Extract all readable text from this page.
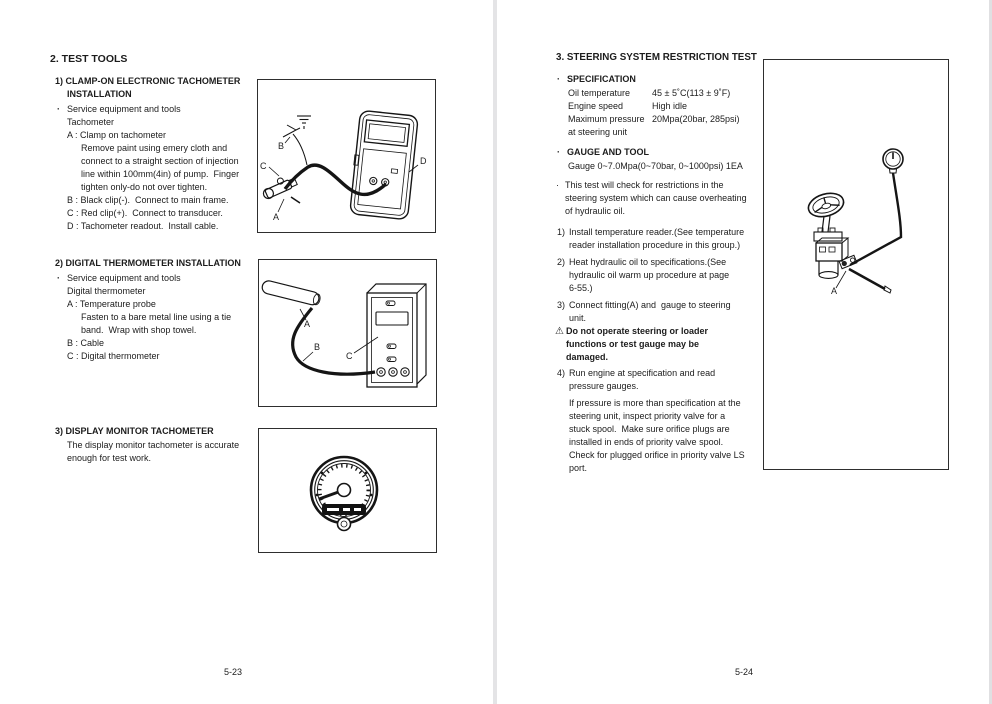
2. TEST TOOLS
1) CLAMP-ON ELECTRONIC TACHOMETER
INSTALLATION
· Service equipment and tools
Tachometer
A : Clamp on tachometer
Remove paint using emery cloth and
connect to a straight section of injection
line within 100mm(4in) of pump.  Finger
tighten only-do not over tighten.
B : Black clip(-).  Connect to main frame.
C : Red clip(+).  Connect to transducer.
D : Tachometer readout.  Install cable.
+
B
C
A
D
2) DIGITAL THERMOMETER INSTALLATION
· Service equipment and tools
Digital thermometer
A : Temperature probe
Fasten to a bare metal line using a tie
band.  Wrap with shop towel.
B : Cable
C : Digital thermometer
A
B
C
3) DISPLAY MONITOR TACHOMETER
The display monitor tachometer is accurate
enough for test work.
5-23
3. STEERING SYSTEM RESTRICTION TEST
· SPECIFICATION
Oil temperature	45 ± 5˚C(113 ± 9˚F)
Engine speed	High idle
Maximum pressure 20Mpa(20bar, 285psi)
at steering unit
· GAUGE AND TOOL
Gauge 0~7.0Mpa(0~70bar, 0~1000psi) 1EA
· This test will check for restrictions in the
steering system which can cause overheating
of hydraulic oil.
1) Install temperature reader.(See temperature
reader installation procedure in this group.)
2) Heat hydraulic oil to specifications.(See
hydraulic oil warm up procedure at page
6-55.)
3) Connect fitting(A) and  gauge to steering
unit.
⚠ Do not operate steering or loader
functions or test gauge may be
damaged.
4) Run engine at specification and read
pressure gauges.
If pressure is more than specification at the
steering unit, inspect priority valve for a
stuck spool.  Make sure orifice plugs are
installed in ends of priority valve spool.
Check for plugged orifice in priority valve LS
port.
A
5-24
